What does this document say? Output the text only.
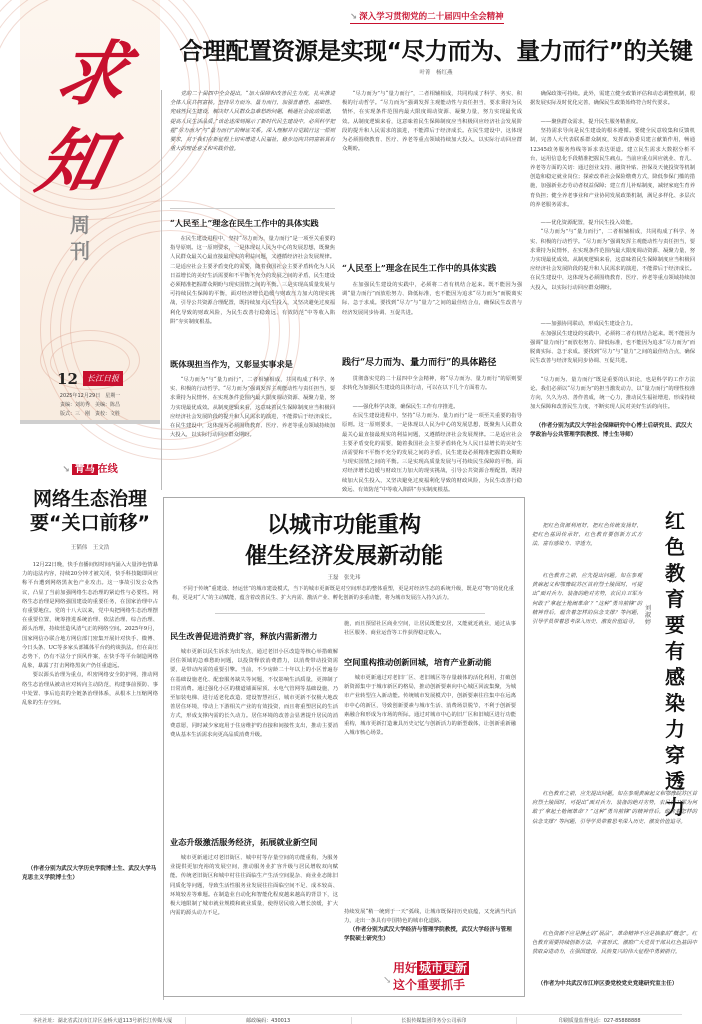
求
知
周刊
12 长江日报
2025年12月29日　星期一
责编：刘坊秀　美编：陈昌
版式：三　刚　责校：文胜
↘ 青马 在线
网络生态治理要“关口前移”
王韬伟　王文浩

12月22日晚，快手直播间短时间内涌入大量涉色情暴力的违法内容，持续20分钟才被关闭，快手科技随即回应称平台遭到网络黑灰色产业攻击。这一事故引发公众热议，凸显了当前加强网络生态治理的紧迫性与必要性。网络生态治理是网络强国建设的重要任务，在国家治理中占有重要地位。党的十八大以来，党中央把网络生态治理摆在重要位置，统筹推进系统治理、依法治理、综合治理、源头治理，持续营造风清气正的网络空间。2025年9月，国家网信办联合地方网信部门密集开展针对快手、微博、今日头条、UC等多家头部媒体平台的约谈执法。但在高压态势下，仍有不法分子顶风作案，在快手等平台制造网络乱象，暴露了打击网络黑灰产仍任重道远。

要以源头治理为重点，织密网络安全防护网，推动网络生态治理从被动应对转向主动防范，构建事前预防、事中处置、事后追责的全链条治理体系，从根本上压缩网络乱象的生存空间。

（作者分别为武汉大学历史学院博士生、武汉大学马克思主义学院博士生）
↘ 深入学习贯彻党的二十届四中全会精神
合理配置资源是实现“尽力而为、量力而行”的关键
叶菁　杨红燕
党的二十届四中全会提出，“加大保障和改善民生力度，扎实推进全体人民共同富裕。坚持尽力而为、量力而行，加强普惠性、基础性、兜底性民生建设，解决好人民群众急难愁盼问题，畅通社会流动渠道，提高人民生活品质。”该论述深刻揭示了新时代民生建设中，必须科学把握“尽力而为”与“量力而行”的辩证关系。深入理解并自觉践行这一原则要求，对于我们在新征程上切实增进人民福祉，稳步迈向共同富裕具有重大的理论意义和实践价值。
“人民至上”理念在民生工作中的具体实践
在民生建设进程中，坚持“尽力而为、量力而行”是一项至关重要的指导原则。这一原则要求，一是体现以人民为中心的发展思想，既聚焦人民群众最关心最直接最现实的利益问题，又遵循经济社会发展规律。二是适应社会主要矛盾变化的需要，随着我国社会主要矛盾转化为人民日益增长的美好生活需要和不平衡不充分的发展之间的矛盾，民生建设必须精准把握群众期盼与现实国情之间的平衡。三是实现高质量发展与可持续民生保障的平衡，面对经济增长趋缓与财政压力加大的现实挑战，引导公共资源合理配置，既持续加大民生投入，又坚决避免过度福利化导致的财政风险，为民生改善行稳致远、有效防范“中等收入陷阱”夯实制度根基。
既体现担当作为，又彰显实事求是
“尽力而为”与“量力而行”，二者相辅相成，共同构成了科学、务实、积极的行动哲学。“尽力而为”强调发挥主观能动性与责任担当，要求秉持为民情怀，在实现条件范围内最大限度调动资源、凝聚力量，努力实现最优成效。从制度逻辑来看，这意味着民生保障制度应当积极回应经济社会发展阶段的提升和人民需求的演进，不能滞后于经济成长。在民生建设中，这体现为必须围绕教育、医疗、养老等重点领域持续加大投入，以实际行动回应群众期盼。
“尽力而为”与“量力而行”，二者相辅相成，共同构成了科学、务实、积极的行动哲学。“尽力而为”强调发挥主观能动性与责任担当，要求秉持为民情怀，在实现条件范围内最大限度调动资源、凝聚力量，努力实现最优成效。从制度逻辑来看，这意味着民生保障制度应当积极回应经济社会发展阶段的提升和人民需求的演进，不能滞后于经济成长。在民生建设中，这体现为必须围绕教育、医疗、养老等重点领域持续加大投入，以实际行动回应群众期盼。
“人民至上”理念在民生工作中的具体实践
在加强民生建设的实践中，必须将二者有机结合起来。既不能因为强调“量力而行”而放松努力、降低标准，也不能因为追求“尽力而为”而脱离实际、急于求成。要找到“尽力”与“量力”之间的最佳结合点，确保民生改善与经济发展同步协调、互促共进。
践行“尽力而为、量力而行”的具体路径
贯彻落实党的二十届四中全会精神，将“尽力而为、量力而行”的原则要求转化为加强民生建设的具体行动，可以在以下几个方面着力。
——强化科学决策，确保民生工作有序推进。
在民生建设进程中，坚持“尽力而为、量力而行”是一项至关重要的指导原则。这一原则要求，一是体现以人民为中心的发展思想，既聚焦人民群众最关心最直接最现实的利益问题，又遵循经济社会发展规律。二是适应社会主要矛盾变化的需要，随着我国社会主要矛盾转化为人民日益增长的美好生活需要和不平衡不充分的发展之间的矛盾，民生建设必须精准把握群众期盼与现实国情之间的平衡。三是实现高质量发展与可持续民生保障的平衡，面对经济增长趋缓与财政压力加大的现实挑战，引导公共资源合理配置，既持续加大民生投入，又坚决避免过度福利化导致的财政风险，为民生改善行稳致远、有效防范“中等收入陷阱”夯实制度根基。
确保政策可持续。此外，需建立健全政策评估和动态调整机制，根据发展实际及时优化完善，确保民生政策始终符合时代要求。
——聚焦群众需求，提升民生服务精准度。
坚持需求导向是民生建设的根本遵循。要健全民意收集和反馈机制，完善人大代表联系群众制度，发挥政协委员建言献策作用，畅通12345政务服务热线等诉求表达渠道。建立民生需求大数据分析平台，运用信息化手段精准把握民生痛点。当前应重点回应就业、育儿、养老等方面的关切：通过创业支持、融资补贴、担保及天使投资等机制创造和稳定就业岗位；探索改革社会保险缴费方式，降低参保门槛的措施，加强新业态劳动者权益保障；建立育儿补贴制度，减轻家庭生育养育负担；健全养老事业和产业协同发展政策机制，满足多样化、多层次的养老服务需求。
——优化资源配置，提升民生投入效能。
“尽力而为”与“量力而行”，二者相辅相成，共同构成了科学、务实、积极的行动哲学。“尽力而为”强调发挥主观能动性与责任担当，要求秉持为民情怀，在实现条件范围内最大限度调动资源、凝聚力量，努力实现最优成效。从制度逻辑来看，这意味着民生保障制度应当积极回应经济社会发展阶段的提升和人民需求的演进，不能滞后于经济成长。在民生建设中，这体现为必须围绕教育、医疗、养老等重点领域持续加大投入，以实际行动回应群众期盼。
——加强协同联动，形成民生建设合力。
在加强民生建设的实践中，必须将二者有机结合起来。既不能因为强调“量力而行”而放松努力、降低标准，也不能因为追求“尽力而为”而脱离实际、急于求成。要找到“尽力”与“量力”之间的最佳结合点，确保民生改善与经济发展同步协调、互促共进。
“尽力而为、量力而行”既是重要的认识论，也是科学的工作方法论。我们必须以“尽力而为”的担当激发动力，以“量力而行”的理性校准方向，久久为功、善作善成，统一心力，推动民生福祉增进，形成持续加大保障和改善民生力度，不断实现人民对美好生活的向往。
（作者分别为武汉大学社会保障研究中心博士后研究员、武汉大学政治与公共管理学院教授、博士生导师）
以城市功能重构
催生经济发展新动能
王磊　张先玮
不同于传统“重建设、轻运营”的城市建设模式，当下的城市更新既是对空间形态的整体重塑，更是对经济生态的系统升级，既是对“物”的优化重构，更是对“人”的主动赋能，蕴含着改善民生、扩大内需、激活产业、孵化创新的多重动能，将为城市发展注入持久活力。
民生改善促进消费扩容，释放内需新潜力
城市更新以民生诉求为出发点，通过老旧小区改造等核心举措破解居住领域的急难愁盼问题，以投资释放消费潜力，以消费带动投资需要，是带动内需的重要引擎。当前，不少房龄二十年以上的小区普遍存在基础设施老化、配套服务缺失等问题，不仅影响生活质量，更抑制了日常消费。通过强化小区的楼道墙面屋顶、水电气管网等基础设施，乃至加装电梯、进行适老化改造、建设智慧社区，城市更新不仅极大地改善居住环境，带动上下游相关产业的有效投资，而且将重塑居民的生活方式，形成支撑内需的长久动力。居住环境的改善会显著提升居民的消费意愿，同时减少家庭用于住房维护的直接和间接性支出，推动主要消费从基本生活需求向更高品质消费升级。
业态升级激活服务经济，拓展就业新空间
城市更新通过对老旧街区、城中村等存量空间的功能重构，为服务业提供更加充裕的发展空间，推动服务业扩容升级与居民增收双向赋能。传统老旧街区和城中村往往面临生产生活空间混杂、商业业态陈旧同质化等问题，导致生活性服务业发展往往面临空间不足、成本较高、环境较差等难题。在制造业自动化和智能化程度越来越高的背景下，这极大地限制了城市就业规模和就业质量，使得居民收入增长放缓，扩大内需的源头动力不足。
施，而且预留社区商业空间，让居民既能安居，又能就近就业，通过从事社区服务、商业运营等工作获得稳定收入。
空间重构推动创新回城，培育产业新动能
城市更新通过对老旧厂区、老旧城区等存量载体的活化利用，打破创新资源集中于城市新区的格局，推动创新要素向中心城区回流集聚，为城市产业转型注入新动能。传统城市发展模式中，创新要素往往集中在远离市中心的新区，导致创新要素与城市生活、消费场景脱节，不利于创新要素融合和形成为市场的所际。通过对城市中心的旧厂区和旧城区进行功能重构，城市更新打造兼具历史记忆与创新活力的新型载体，让创新重新融入城市核心场景。
持续发展“稍一统到于一天”弧线，让城市既保持历史底蕴，又充满当代活力，走出一条具有中国特色的城市化道路。
（作者分别为武汉大学经济与管理学院教授，武汉大学经济与管理学院硕士研究生）
用好 城市更新
这个重要抓手
↘
把红色资源利用好，把红色传统发扬好，把红色基因传承好，红色教育要创新方式方法，富有感染力、穿透力。
红色教育之前，应先提出问题。如在参观黄麻起义和鄂豫皖苏区首府烈士陵园时，可提出“面对兵力、装备的绝对劣势，农民自卫军为何敢于‘拿起土枪闹革命’？”这种“勇当前锋”的精神背后，蕴含着怎样的信念支撑？等问题，引导学员带着思考深入历史、激发价值追寻。
红色教育要有感染力穿透力
刘淑婷
红色教育之前，应先提出问题。如在参观黄麻起义和鄂豫皖苏区首府烈士陵园时，可提出“面对兵力、装备的绝对劣势，农民自卫军为何敢于‘拿起土枪闹革命’？”这种“勇当前锋”的精神背后，蕴含着怎样的信念支撑？等问题，引导学员带着思考深入历史、激发价值追寻。
红色资源不应是静止的“展品”，革命精神不应是抽象的“概念”。红色教育需要持续创新方法，丰富形式，激励广大党员干部从红色基因中获取奋进动力，在强国建设、民族复兴的伟大征程中勇毅前行。
（作者为中共武汉市江岸区委党校党史党建研究室主任）
本社社址：湖北省武汉市江岸区金桥大道113号新长江传媒大厦	邮政编码：430013	长报传媒集团印务分公司承印	印刷质量监督电话：027-85888888
